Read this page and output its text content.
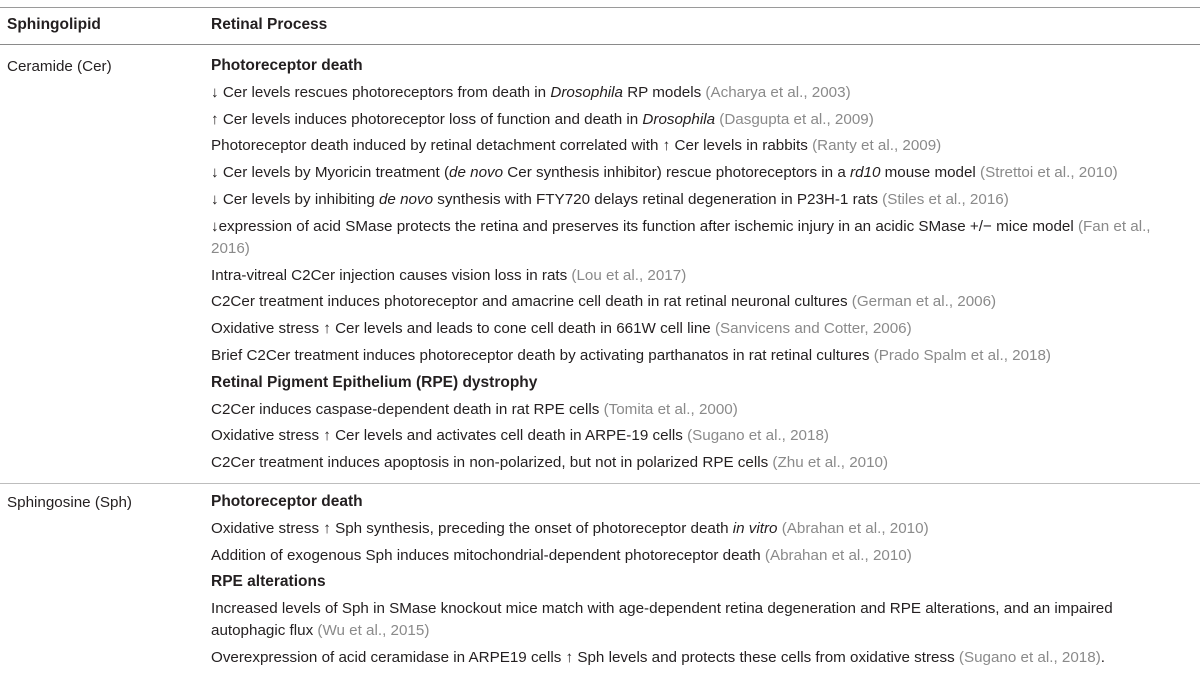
Sphingolipid	Retinal Process
Ceramide (Cer)	Photoreceptor death
↓ Cer levels rescues photoreceptors from death in Drosophila RP models (Acharya et al., 2003)
↑ Cer levels induces photoreceptor loss of function and death in Drosophila (Dasgupta et al., 2009)
Photoreceptor death induced by retinal detachment correlated with ↑ Cer levels in rabbits (Ranty et al., 2009)
↓ Cer levels by Myoricin treatment (de novo Cer synthesis inhibitor) rescue photoreceptors in a rd10 mouse model (Strettoi et al., 2010)
↓ Cer levels by inhibiting de novo synthesis with FTY720 delays retinal degeneration in P23H-1 rats (Stiles et al., 2016)
↓expression of acid SMase protects the retina and preserves its function after ischemic injury in an acidic SMase +/− mice model (Fan et al., 2016)
Intra-vitreal C2Cer injection causes vision loss in rats (Lou et al., 2017)
C2Cer treatment induces photoreceptor and amacrine cell death in rat retinal neuronal cultures (German et al., 2006)
Oxidative stress ↑ Cer levels and leads to cone cell death in 661W cell line (Sanvicens and Cotter, 2006)
Brief C2Cer treatment induces photoreceptor death by activating parthanatos in rat retinal cultures (Prado Spalm et al., 2018)
Retinal Pigment Epithelium (RPE) dystrophy
C2Cer induces caspase-dependent death in rat RPE cells (Tomita et al., 2000)
Oxidative stress ↑ Cer levels and activates cell death in ARPE-19 cells (Sugano et al., 2018)
C2Cer treatment induces apoptosis in non-polarized, but not in polarized RPE cells (Zhu et al., 2010)
Sphingosine (Sph)	Photoreceptor death
Oxidative stress ↑ Sph synthesis, preceding the onset of photoreceptor death in vitro (Abrahan et al., 2010)
Addition of exogenous Sph induces mitochondrial-dependent photoreceptor death (Abrahan et al., 2010)
RPE alterations
Increased levels of Sph in SMase knockout mice match with age-dependent retina degeneration and RPE alterations, and an impaired autophagic flux (Wu et al., 2015)
Overexpression of acid ceramidase in ARPE19 cells ↑ Sph levels and protects these cells from oxidative stress (Sugano et al., 2018).
